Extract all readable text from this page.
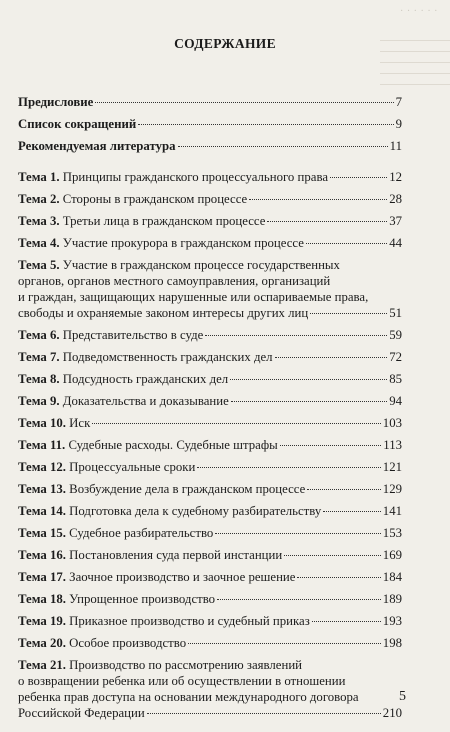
· · · · · ·
СОДЕРЖАНИЕ
Предисловие	7
Список сокращений	9
Рекомендуемая литература	11
Тема 1. Принципы гражданского процессуального права	12
Тема 2. Стороны в гражданском процессе	28
Тема 3. Третьи лица в гражданском процессе	37
Тема 4. Участие прокурора в гражданском процессе	44
Тема 5. Участие в гражданском процессе государственных
органов, органов местного самоуправления, организаций
и граждан, защищающих нарушенные или оспариваемые права,
свободы и охраняемые законом интересы других лиц	51
Тема 6. Представительство в суде	59
Тема 7. Подведомственность гражданских дел	72
Тема 8. Подсудность гражданских дел	85
Тема 9. Доказательства и доказывание	94
Тема 10. Иск	103
Тема 11. Судебные расходы. Судебные штрафы	113
Тема 12. Процессуальные сроки	121
Тема 13. Возбуждение дела в гражданском процессе	129
Тема 14. Подготовка дела к судебному разбирательству	141
Тема 15. Судебное разбирательство	153
Тема 16. Постановления суда первой инстанции	169
Тема 17. Заочное производство и заочное решение	184
Тема 18. Упрощенное производство	189
Тема 19. Приказное производство и судебный приказ	193
Тема 20. Особое производство	198
Тема 21. Производство по рассмотрению заявлений
о возвращении ребенка или об осуществлении в отношении
ребенка прав доступа на основании международного договора
Российской Федерации	210
5
